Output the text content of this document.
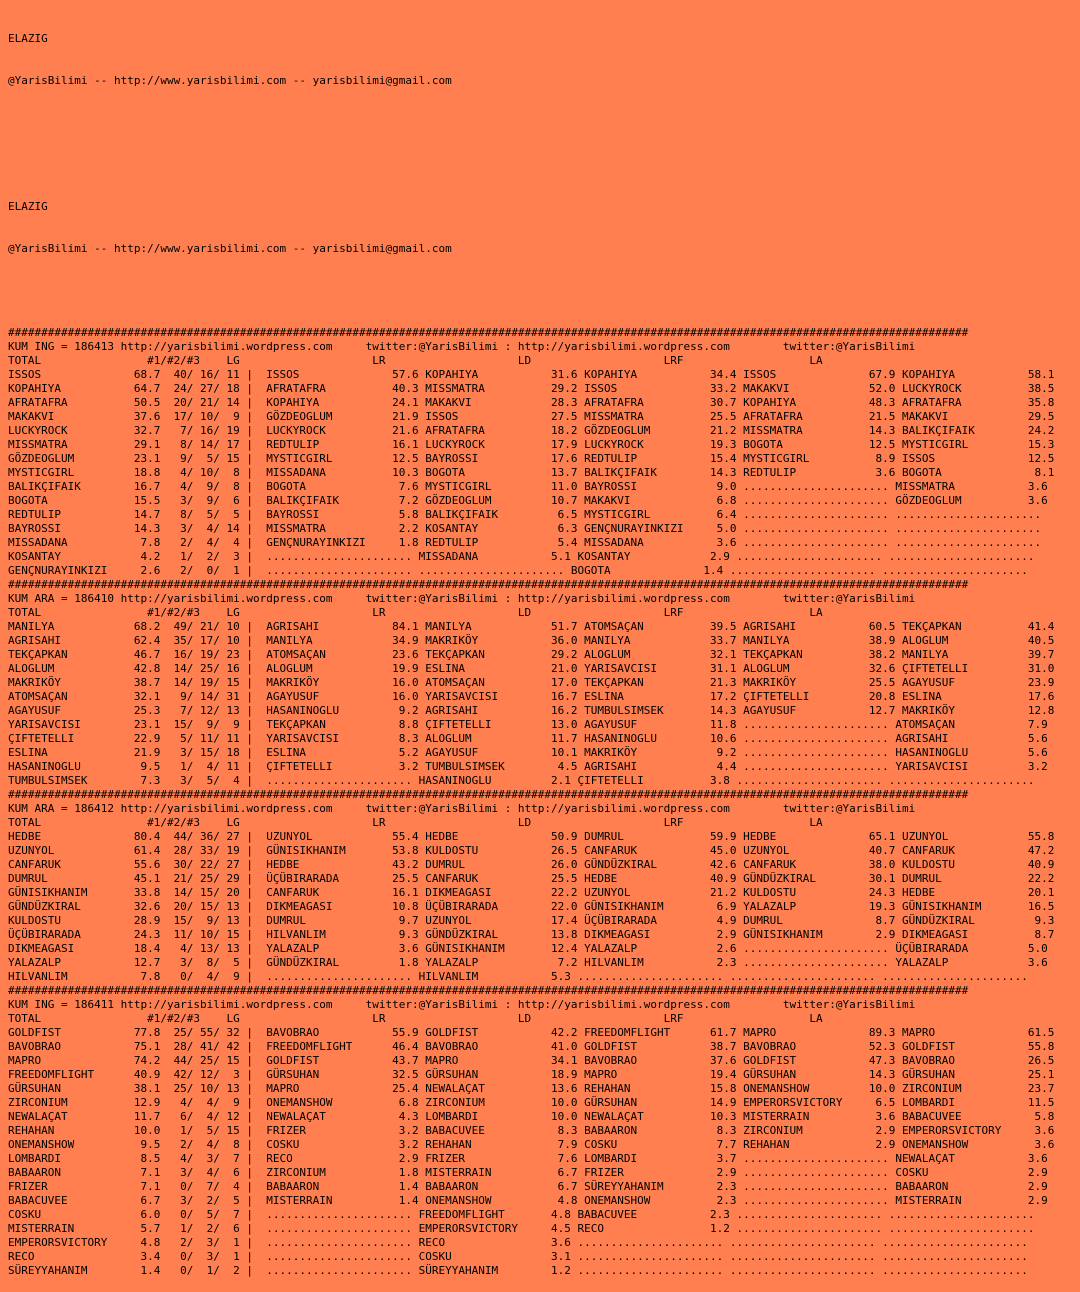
ELAZIG

@YarisBilimi -- http://www.yarisbilimi.com -- yarisbilimi@gmail.com

ELAZIG

@YarisBilimi -- http://www.yarisbilimi.com -- yarisbilimi@gmail.com

#################################################################################################################################################
KUM ING = 186413 http://yarisbilimi.wordpress.com     twitter:@YarisBilimi : http://yarisbilimi.wordpress.com        twitter:@YarisBilimi
TOTAL                #1/#2/#3    LG                    LR                    LD                    LRF                   LA
ISSOS              68.7  40/ 16/ 11 |  ISSOS              57.6 KOPAHIYA           31.6 KOPAHIYA           34.4 ISSOS              67.9 KOPAHIYA           58.1
KOPAHIYA           64.7  24/ 27/ 18 |  AFRATAFRA          40.3 MISSMATRA          29.2 ISSOS              33.2 MAKAKVI            52.0 LUCKYROCK          38.5
AFRATAFRA          50.5  20/ 21/ 14 |  KOPAHIYA           24.1 MAKAKVI            28.3 AFRATAFRA          30.7 KOPAHIYA           48.3 AFRATAFRA          35.8
MAKAKVI            37.6  17/ 10/  9 |  GÖZDEOGLUM         21.9 ISSOS              27.5 MISSMATRA          25.5 AFRATAFRA          21.5 MAKAKVI            29.5
LUCKYROCK          32.7   7/ 16/ 19 |  LUCKYROCK          21.6 AFRATAFRA          18.2 GÖZDEOGLUM         21.2 MISSMATRA          14.3 BALIKÇIFAIK        24.2
MISSMATRA          29.1   8/ 14/ 17 |  REDTULIP           16.1 LUCKYROCK          17.9 LUCKYROCK          19.3 BOGOTA             12.5 MYSTICGIRL         15.3
GÖZDEOGLUM         23.1   9/  5/ 15 |  MYSTICGIRL         12.5 BAYROSSI           17.6 REDTULIP           15.4 MYSTICGIRL          8.9 ISSOS              12.5
MYSTICGIRL         18.8   4/ 10/  8 |  MISSADANA          10.3 BOGOTA             13.7 BALIKÇIFAIK        14.3 REDTULIP            3.6 BOGOTA              8.1
BALIKÇIFAIK        16.7   4/  9/  8 |  BOGOTA              7.6 MYSTICGIRL         11.0 BAYROSSI            9.0 ...................... MISSMATRA           3.6
BOGOTA             15.5   3/  9/  6 |  BALIKÇIFAIK         7.2 GÖZDEOGLUM         10.7 MAKAKVI             6.8 ...................... GÖZDEOGLUM          3.6
REDTULIP           14.7   8/  5/  5 |  BAYROSSI            5.8 BALIKÇIFAIK         6.5 MYSTICGIRL          6.4 ...................... ......................
BAYROSSI           14.3   3/  4/ 14 |  MISSMATRA           2.2 KOSANTAY            6.3 GENÇNURAYINKIZI     5.0 ...................... ......................
MISSADANA           7.8   2/  4/  4 |  GENÇNURAYINKIZI     1.8 REDTULIP            5.4 MISSADANA           3.6 ...................... ......................
KOSANTAY            4.2   1/  2/  3 |  ...................... MISSADANA           5.1 KOSANTAY            2.9 ...................... ......................
GENÇNURAYINKIZI     2.6   2/  0/  1 |  ...................... ...................... BOGOTA              1.4 ...................... ......................
#################################################################################################################################################
KUM ARA = 186410 http://yarisbilimi.wordpress.com     twitter:@YarisBilimi : http://yarisbilimi.wordpress.com        twitter:@YarisBilimi
TOTAL                #1/#2/#3    LG                    LR                    LD                    LRF                   LA
MANILYA            68.2  49/ 21/ 10 |  AGRISAHI           84.1 MANILYA            51.7 ATOMSAÇAN          39.5 AGRISAHI           60.5 TEKÇAPKAN          41.4
AGRISAHI           62.4  35/ 17/ 10 |  MANILYA            34.9 MAKRIKÖY           36.0 MANILYA            33.7 MANILYA            38.9 ALOGLUM            40.5
TEKÇAPKAN          46.7  16/ 19/ 23 |  ATOMSAÇAN          23.6 TEKÇAPKAN          29.2 ALOGLUM            32.1 TEKÇAPKAN          38.2 MANILYA            39.7
ALOGLUM            42.8  14/ 25/ 16 |  ALOGLUM            19.9 ESLINA             21.0 YARISAVCISI        31.1 ALOGLUM            32.6 ÇIFTETELLI         31.0
MAKRIKÖY           38.7  14/ 19/ 15 |  MAKRIKÖY           16.0 ATOMSAÇAN          17.0 TEKÇAPKAN          21.3 MAKRIKÖY           25.5 AGAYUSUF           23.9
ATOMSAÇAN          32.1   9/ 14/ 31 |  AGAYUSUF           16.0 YARISAVCISI        16.7 ESLINA             17.2 ÇIFTETELLI         20.8 ESLINA             17.6
AGAYUSUF           25.3   7/ 12/ 13 |  HASANINOGLU         9.2 AGRISAHI           16.2 TUMBULSIMSEK       14.3 AGAYUSUF           12.7 MAKRIKÖY           12.8
YARISAVCISI        23.1  15/  9/  9 |  TEKÇAPKAN           8.8 ÇIFTETELLI         13.0 AGAYUSUF           11.8 ...................... ATOMSAÇAN           7.9
ÇIFTETELLI         22.9   5/ 11/ 11 |  YARISAVCISI         8.3 ALOGLUM            11.7 HASANINOGLU        10.6 ...................... AGRISAHI            5.6
ESLINA             21.9   3/ 15/ 18 |  ESLINA              5.2 AGAYUSUF           10.1 MAKRIKÖY            9.2 ...................... HASANINOGLU         5.6
HASANINOGLU         9.5   1/  4/ 11 |  ÇIFTETELLI          3.2 TUMBULSIMSEK        4.5 AGRISAHI            4.4 ...................... YARISAVCISI         3.2
TUMBULSIMSEK        7.3   3/  5/  4 |  ...................... HASANINOGLU         2.1 ÇIFTETELLI          3.8 ...................... ......................
#################################################################################################################################################
KUM ARA = 186412 http://yarisbilimi.wordpress.com     twitter:@YarisBilimi : http://yarisbilimi.wordpress.com        twitter:@YarisBilimi
TOTAL                #1/#2/#3    LG                    LR                    LD                    LRF                   LA
HEDBE              80.4  44/ 36/ 27 |  UZUNYOL            55.4 HEDBE              50.9 DUMRUL             59.9 HEDBE              65.1 UZUNYOL            55.8
UZUNYOL            61.4  28/ 33/ 19 |  GÜNISIKHANIM       53.8 KULDOSTU           26.5 CANFARUK           45.0 UZUNYOL            40.7 CANFARUK           47.2
CANFARUK           55.6  30/ 22/ 27 |  HEDBE              43.2 DUMRUL             26.0 GÜNDÜZKIRAL        42.6 CANFARUK           38.0 KULDOSTU           40.9
DUMRUL             45.1  21/ 25/ 29 |  ÜÇÜBIRARADA        25.5 CANFARUK           25.5 HEDBE              40.9 GÜNDÜZKIRAL        30.1 DUMRUL             22.2
GÜNISIKHANIM       33.8  14/ 15/ 20 |  CANFARUK           16.1 DIKMEAGASI         22.2 UZUNYOL            21.2 KULDOSTU           24.3 HEDBE              20.1
GÜNDÜZKIRAL        32.6  20/ 15/ 13 |  DIKMEAGASI         10.8 ÜÇÜBIRARADA        22.0 GÜNISIKHANIM        6.9 YALAZALP           19.3 GÜNISIKHANIM       16.5
KULDOSTU           28.9  15/  9/ 13 |  DUMRUL              9.7 UZUNYOL            17.4 ÜÇÜBIRARADA         4.9 DUMRUL              8.7 GÜNDÜZKIRAL         9.3
ÜÇÜBIRARADA        24.3  11/ 10/ 15 |  HILVANLIM           9.3 GÜNDÜZKIRAL        13.8 DIKMEAGASI          2.9 GÜNISIKHANIM        2.9 DIKMEAGASI          8.7
DIKMEAGASI         18.4   4/ 13/ 13 |  YALAZALP            3.6 GÜNISIKHANIM       12.4 YALAZALP            2.6 ...................... ÜÇÜBIRARADA         5.0
YALAZALP           12.7   3/  8/  5 |  GÜNDÜZKIRAL         1.8 YALAZALP            7.2 HILVANLIM           2.3 ...................... YALAZALP            3.6
HILVANLIM           7.8   0/  4/  9 |  ...................... HILVANLIM           5.3 ...................... ...................... ......................
#################################################################################################################################################
KUM ING = 186411 http://yarisbilimi.wordpress.com     twitter:@YarisBilimi : http://yarisbilimi.wordpress.com        twitter:@YarisBilimi
TOTAL                #1/#2/#3    LG                    LR                    LD                    LRF                   LA
GOLDFIST           77.8  25/ 55/ 32 |  BAVOBRAO           55.9 GOLDFIST           42.2 FREEDOMFLIGHT      61.7 MAPRO              89.3 MAPRO              61.5
BAVOBRAO           75.1  28/ 41/ 42 |  FREEDOMFLIGHT      46.4 BAVOBRAO           41.0 GOLDFIST           38.7 BAVOBRAO           52.3 GOLDFIST           55.8
MAPRO              74.2  44/ 25/ 15 |  GOLDFIST           43.7 MAPRO              34.1 BAVOBRAO           37.6 GOLDFIST           47.3 BAVOBRAO           26.5
FREEDOMFLIGHT      40.9  42/ 12/  3 |  GÜRSUHAN           32.5 GÜRSUHAN           18.9 MAPRO              19.4 GÜRSUHAN           14.3 GÜRSUHAN           25.1
GÜRSUHAN           38.1  25/ 10/ 13 |  MAPRO              25.4 NEWALAÇAT          13.6 REHAHAN            15.8 ONEMANSHOW         10.0 ZIRCONIUM          23.7
ZIRCONIUM          12.9   4/  4/  9 |  ONEMANSHOW          6.8 ZIRCONIUM          10.0 GÜRSUHAN           14.9 EMPERORSVICTORY     6.5 LOMBARDI           11.5
NEWALAÇAT          11.7   6/  4/ 12 |  NEWALAÇAT           4.3 LOMBARDI           10.0 NEWALAÇAT          10.3 MISTERRAIN          3.6 BABACUVEE           5.8
REHAHAN            10.0   1/  5/ 15 |  FRIZER              3.2 BABACUVEE           8.3 BABAARON            8.3 ZIRCONIUM           2.9 EMPERORSVICTORY     3.6
ONEMANSHOW          9.5   2/  4/  8 |  COSKU               3.2 REHAHAN             7.9 COSKU               7.7 REHAHAN             2.9 ONEMANSHOW          3.6
LOMBARDI            8.5   4/  3/  7 |  RECO                2.9 FRIZER              7.6 LOMBARDI            3.7 ...................... NEWALAÇAT           3.6
BABAARON            7.1   3/  4/  6 |  ZIRCONIUM           1.8 MISTERRAIN          6.7 FRIZER              2.9 ...................... COSKU               2.9
FRIZER              7.1   0/  7/  4 |  BABAARON            1.4 BABAARON            6.7 SÜREYYAHANIM        2.3 ...................... BABAARON            2.9
BABACUVEE           6.7   3/  2/  5 |  MISTERRAIN          1.4 ONEMANSHOW          4.8 ONEMANSHOW          2.3 ...................... MISTERRAIN          2.9
COSKU               6.0   0/  5/  7 |  ...................... FREEDOMFLIGHT       4.8 BABACUVEE           2.3 ...................... ......................
MISTERRAIN          5.7   1/  2/  6 |  ...................... EMPERORSVICTORY     4.5 RECO                1.2 ...................... ......................
EMPERORSVICTORY     4.8   2/  3/  1 |  ...................... RECO                3.6 ...................... ...................... ......................
RECO                3.4   0/  3/  1 |  ...................... COSKU               3.1 ...................... ...................... ......................
SÜREYYAHANIM        1.4   0/  1/  2 |  ...................... SÜREYYAHANIM        1.2 ...................... ...................... ......................
